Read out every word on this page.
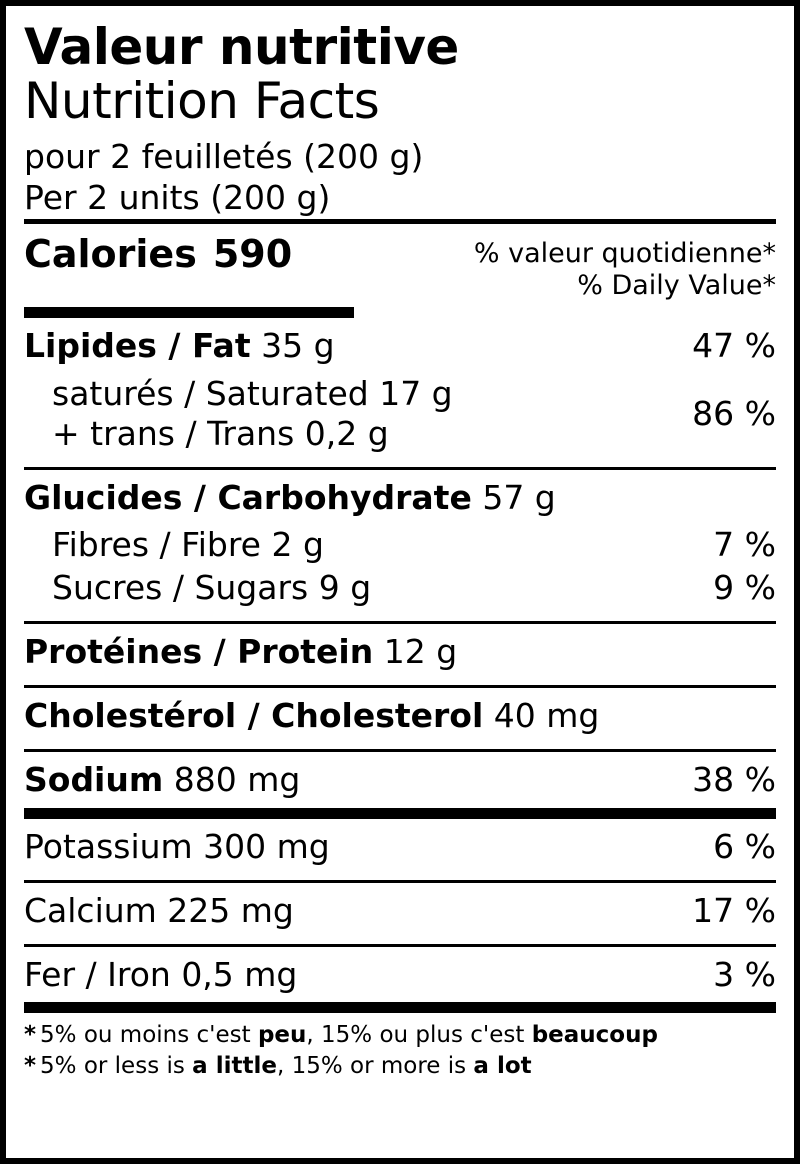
Valeur nutritive
Nutrition Facts
pour 2 feuilletés (200 g)
Per 2 units (200 g)
Calories 590	% valeur quotidienne*
% Daily Value*
Lipides / Fat 35 g	47 %
saturés / Saturated 17 g
+ trans / Trans 0,2 g	86 %
Glucides / Carbohydrate 57 g
Fibres / Fibre 2 g	7 %
Sucres / Sugars 9 g	9 %
Protéines / Protein 12 g
Cholestérol / Cholesterol 40 mg
Sodium 880 mg	38 %
Potassium 300 mg	6 %
Calcium 225 mg	17 %
Fer / Iron 0,5 mg	3 %
* 5% ou moins c'est peu, 15% ou plus c'est beaucoup
* 5% or less is a little, 15% or more is a lot
